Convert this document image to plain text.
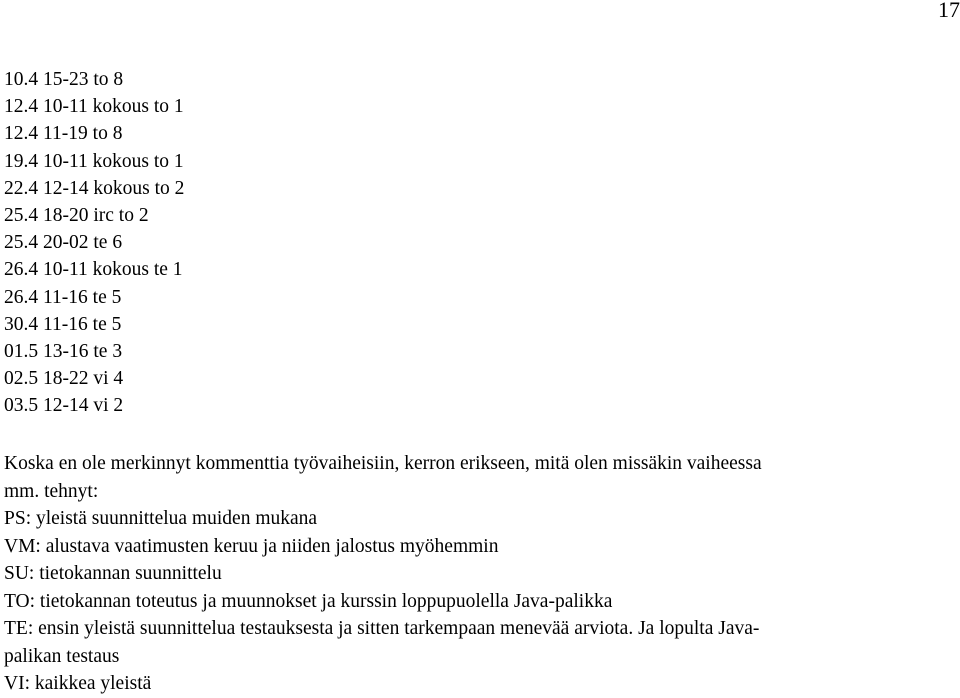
17
10.4 15-23 to 8
12.4 10-11 kokous to 1
12.4 11-19 to 8
19.4 10-11 kokous to 1
22.4 12-14 kokous to 2
25.4 18-20 irc to 2
25.4 20-02 te 6
26.4 10-11 kokous te 1
26.4 11-16 te 5
30.4 11-16 te 5
01.5 13-16 te 3
02.5 18-22 vi 4
03.5 12-14 vi 2
Koska en ole merkinnyt kommenttia työvaiheisiin, kerron erikseen, mitä olen missäkin vaiheessa
mm. tehnyt:
PS: yleistä suunnittelua muiden mukana
VM: alustava vaatimusten keruu ja niiden jalostus myöhemmin
SU: tietokannan suunnittelu
TO: tietokannan toteutus ja muunnokset ja kurssin loppupuolella Java-palikka
TE: ensin yleistä suunnittelua testauksesta ja sitten tarkempaan menevää arviota. Ja lopulta Java-
palikan testaus
VI: kaikkea yleistä
